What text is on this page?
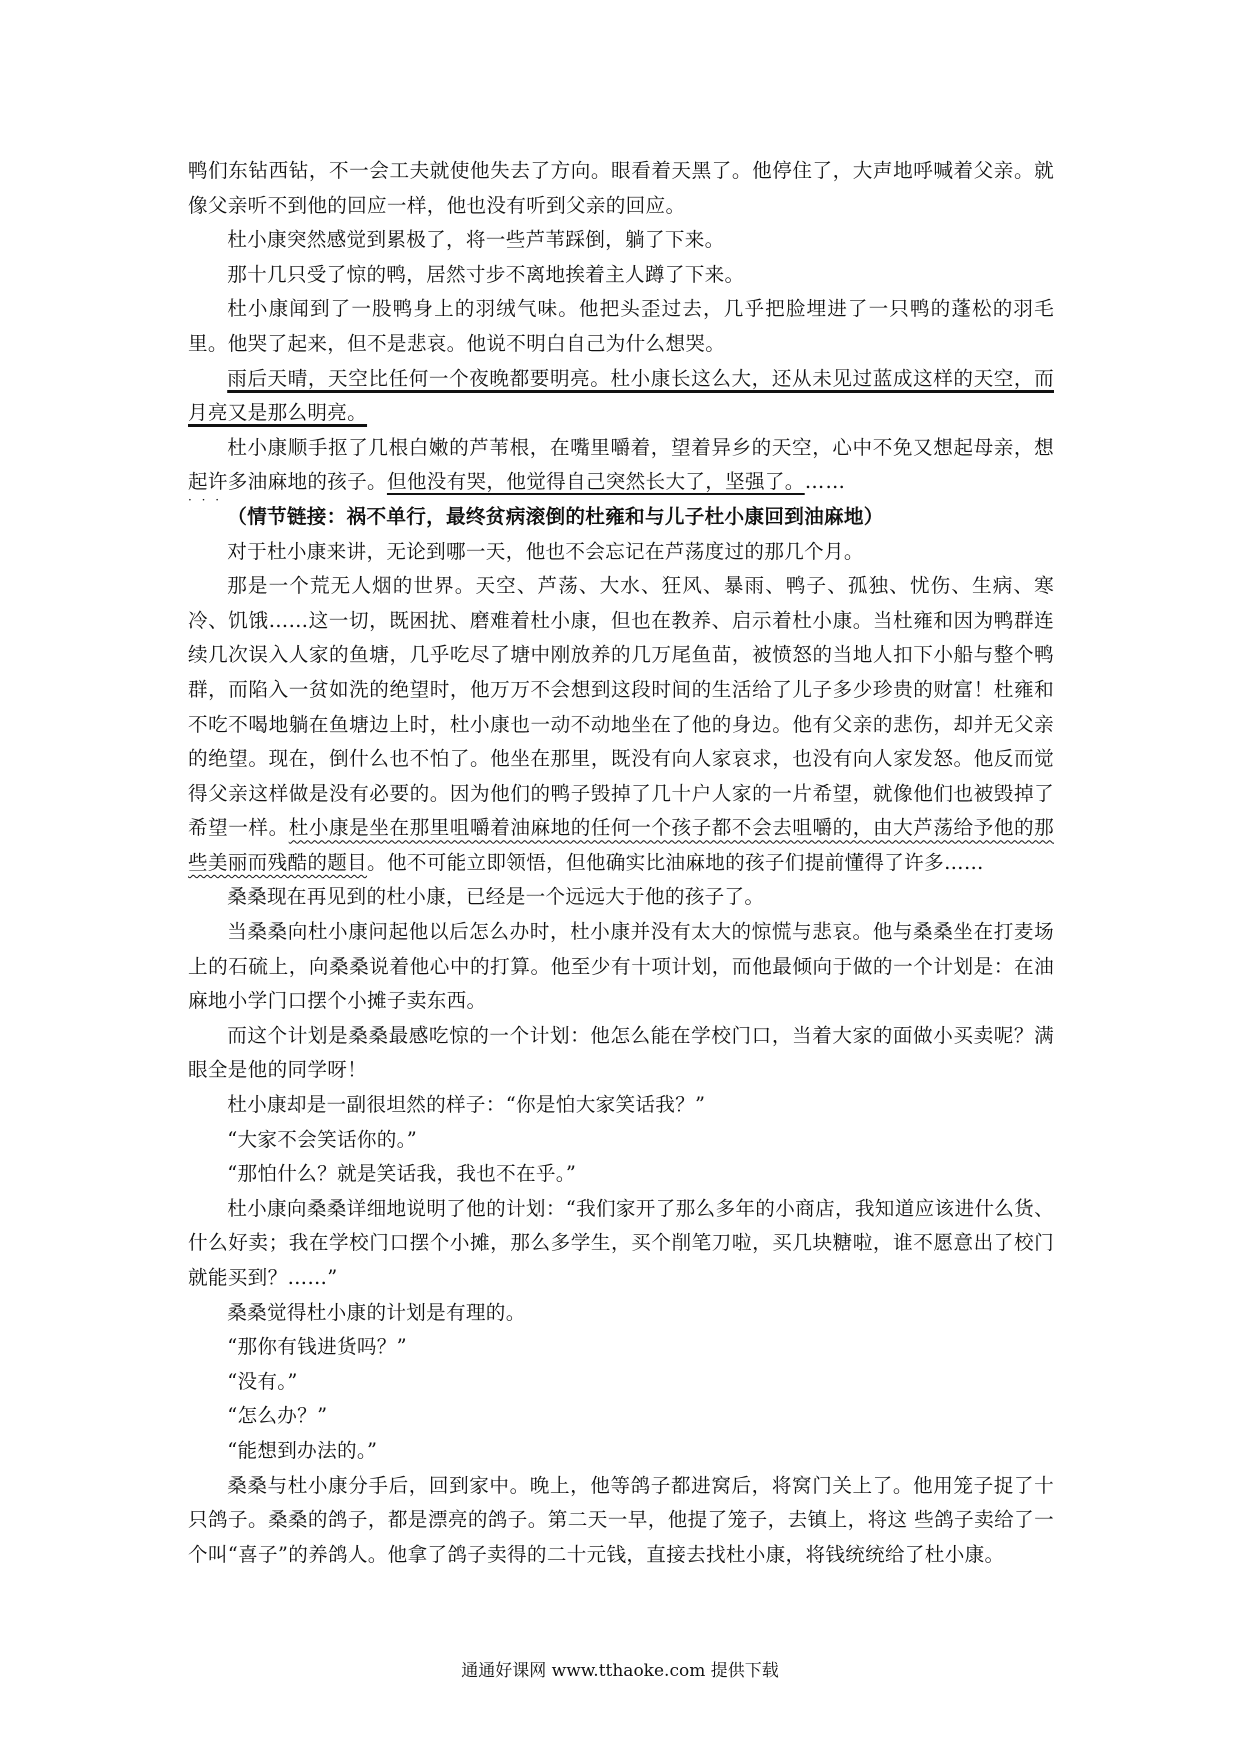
鸭们东钻西钻，不一会工夫就使他失去了方向。眼看着天黑了。他停住了，大声地呼喊着父亲。就像父亲听不到他的回应一样，他也没有听到父亲的回应。

杜小康突然感觉到累极了，将一些芦苇踩倒，躺了下来。

那十几只受了惊的鸭，居然寸步不离地挨着主人蹲了下来。

杜小康闻到了一股鸭身上的羽绒气味。他把头歪过去，几乎把脸埋进了一只鸭的蓬松的羽毛里。他哭了起来，但不是悲哀。他说不明白自己为什么想哭。

雨后天晴，天空比任何一个夜晚都要明亮。杜小康长这么大，还从未见过蓝成这样的天空，而月亮又是那么明亮。

杜小康顺手抠了几根白嫩的芦苇根，在嘴里嚼着，望着异乡的天空，心中不免又想起母亲，想起许多油麻地的孩子。但他没有哭，他觉得自己突然长大了，坚强了。……

· · ·

（情节链接：祸不单行，最终贫病滚倒的杜雍和与儿子杜小康回到油麻地）

对于杜小康来讲，无论到哪一天，他也不会忘记在芦荡度过的那几个月。

那是一个荒无人烟的世界。天空、芦荡、大水、狂风、暴雨、鸭子、孤独、忧伤、生病、寒冷、饥饿……这一切，既困扰、磨难着杜小康，但也在教养、启示着杜小康。当杜雍和因为鸭群连续几次误入人家的鱼塘，几乎吃尽了塘中刚放养的几万尾鱼苗，被愤怒的当地人扣下小船与整个鸭群，而陷入一贫如洗的绝望时，他万万不会想到这段时间的生活给了儿子多少珍贵的财富！杜雍和不吃不喝地躺在鱼塘边上时，杜小康也一动不动地坐在了他的身边。他有父亲的悲伤，却并无父亲的绝望。现在，倒什么也不怕了。他坐在那里，既没有向人家哀求，也没有向人家发怒。他反而觉得父亲这样做是没有必要的。因为他们的鸭子毁掉了几十户人家的一片希望，就像他们也被毁掉了希望一样。杜小康是坐在那里咀嚼着油麻地的任何一个孩子都不会去咀嚼的，由大芦荡给予他的那些美丽而残酷的题目。他不可能立即领悟，但他确实比油麻地的孩子们提前懂得了许多……

桑桑现在再见到的杜小康，已经是一个远远大于他的孩子了。

当桑桑向杜小康问起他以后怎么办时，杜小康并没有太大的惊慌与悲哀。他与桑桑坐在打麦场上的石硫上，向桑桑说着他心中的打算。他至少有十项计划，而他最倾向于做的一个计划是：在油麻地小学门口摆个小摊子卖东西。

而这个计划是桑桑最感吃惊的一个计划：他怎么能在学校门口，当着大家的面做小买卖呢？满眼全是他的同学呀！

杜小康却是一副很坦然的样子：“你是怕大家笑话我？”

“大家不会笑话你的。”

“那怕什么？就是笑话我，我也不在乎。”

杜小康向桑桑详细地说明了他的计划：“我们家开了那么多年的小商店，我知道应该进什么货、什么好卖；我在学校门口摆个小摊，那么多学生，买个削笔刀啦，买几块糖啦，谁不愿意出了校门就能买到？……”

桑桑觉得杜小康的计划是有理的。

“那你有钱进货吗？”

“没有。”

“怎么办？”

“能想到办法的。”

桑桑与杜小康分手后，回到家中。晚上，他等鸽子都进窝后，将窝门关上了。他用笼子捉了十只鸽子。桑桑的鸽子，都是漂亮的鸽子。第二天一早，他提了笼子，去镇上，将这 些鸽子卖给了一个叫“喜子”的养鸽人。他拿了鸽子卖得的二十元钱，直接去找杜小康，将钱统统给了杜小康。

通通好课网 www.tthaoke.com 提供下载
